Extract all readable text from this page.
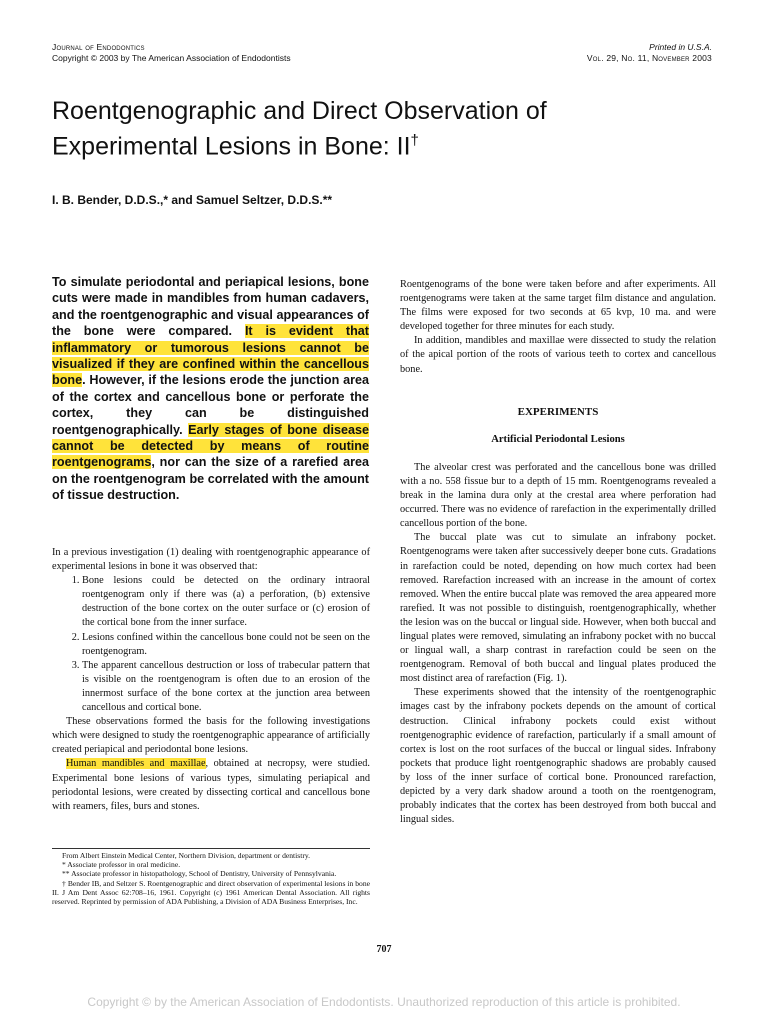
Journal of Endodontics
Copyright © 2003 by The American Association of Endodontists
Printed in U.S.A.
Vol. 29, No. 11, November 2003
Roentgenographic and Direct Observation of Experimental Lesions in Bone: II†
I. B. Bender, D.D.S.,* and Samuel Seltzer, D.D.S.**

To simulate periodontal and periapical lesions, bone cuts were made in mandibles from human cadavers, and the roentgenographic and visual appearances of the bone were compared. It is evident that inflammatory or tumorous lesions cannot be visualized if they are confined within the cancellous bone. However, if the lesions erode the junction area of the cortex and cancellous bone or perforate the cortex, they can be distinguished roentgenographically. Early stages of bone disease cannot be detected by means of routine roentgenograms, nor can the size of a rarefied area on the roentgenogram be correlated with the amount of tissue destruction.

In a previous investigation (1) dealing with roentgenographic appearance of experimental lesions in bone it was observed that:

1. Bone lesions could be detected on the ordinary intraoral roentgenogram only if there was (a) a perforation, (b) extensive destruction of the bone cortex on the outer surface or (c) erosion of the cortical bone from the inner surface.
2. Lesions confined within the cancellous bone could not be seen on the roentgenogram.
3. The apparent cancellous destruction or loss of trabecular pattern that is visible on the roentgenogram is often due to an erosion of the innermost surface of the bone cortex at the junction area between cancellous and cortical bone.

These observations formed the basis for the following investigations which were designed to study the roentgenographic appearance of artificially created periapical and periodontal bone lesions.

Human mandibles and maxillae, obtained at necropsy, were studied. Experimental bone lesions of various types, simulating periapical and periodontal lesions, were created by dissecting cortical and cancellous bone with reamers, files, burs and stones.

From Albert Einstein Medical Center, Northern Division, department or dentistry.

* Associate professor in oral medicine.

** Associate professor in histopathology, School of Dentistry, University of Pennsylvania.

† Bender IB, and Seltzer S. Roentgenographic and direct observation of experimental lesions in bone II. J Am Dent Assoc 62:708–16, 1961. Copyright (c) 1961 American Dental Association. All rights reserved. Reprinted by permission of ADA Publishing, a Division of ADA Business Enterprises, Inc.

Roentgenograms of the bone were taken before and after experiments. All roentgenograms were taken at the same target film distance and angulation. The films were exposed for two seconds at 65 kvp, 10 ma. and were developed together for three minutes for each study.

In addition, mandibles and maxillae were dissected to study the relation of the apical portion of the roots of various teeth to cortex and cancellous bone.

EXPERIMENTS

Artificial Periodontal Lesions

The alveolar crest was perforated and the cancellous bone was drilled with a no. 558 fissue bur to a depth of 15 mm. Roentgenograms revealed a break in the lamina dura only at the crestal area where perforation had occurred. There was no evidence of rarefaction in the experimentally drilled cancellous portion of the bone.

The buccal plate was cut to simulate an infrabony pocket. Roentgenograms were taken after successively deeper bone cuts. Gradations in rarefaction could be noted, depending on how much cortex had been removed. Rarefaction increased with an increase in the amount of cortex removed. When the entire buccal plate was removed the area appeared more rarefied. It was not possible to distinguish, roentgenographically, whether the lesion was on the buccal or lingual side. However, when both buccal and lingual plates were removed, simulating an infrabony pocket with no buccal or lingual wall, a sharp contrast in rarefaction could be seen on the roentgenogram. Removal of both buccal and lingual plates produced the most distinct area of rarefaction (Fig. 1).

These experiments showed that the intensity of the roentgenographic images cast by the infrabony pockets depends on the amount of cortical destruction. Clinical infrabony pockets could exist without roentgenographic evidence of rarefaction, particularly if a small amount of cortex is lost on the root surfaces of the buccal or lingual sides. Infrabony pockets that produce light roentgenographic shadows are probably caused by loss of the inner surface of cortical bone. Pronounced rarefaction, depicted by a very dark shadow around a tooth on the roentgenogram, probably indicates that the cortex has been destroyed from both buccal and lingual sides.

707
Copyright © by the American Association of Endodontists. Unauthorized reproduction of this article is prohibited.
